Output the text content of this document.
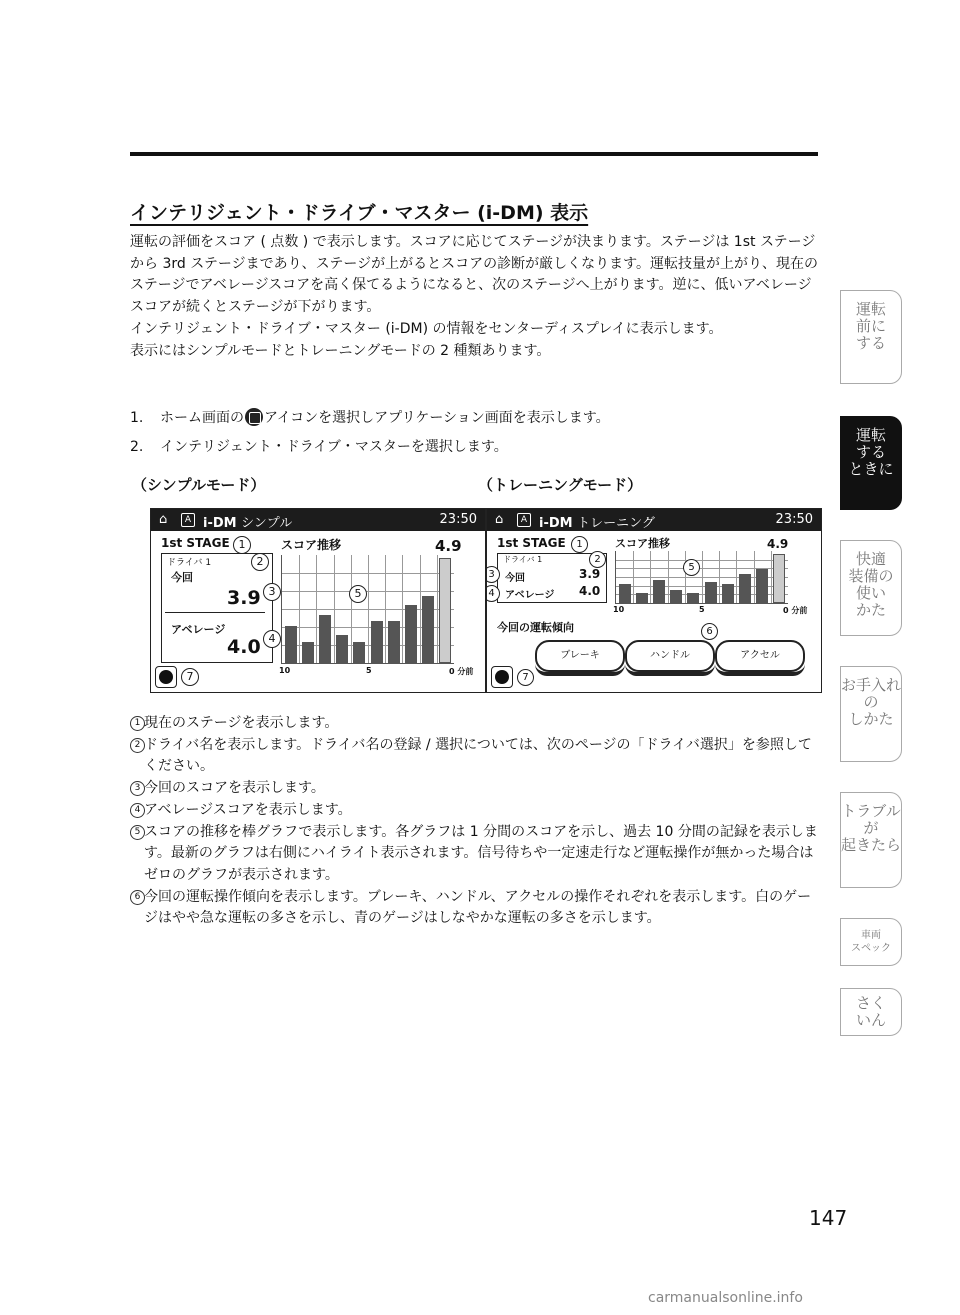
インテリジェント・ドライブ・マスター (i-DM) 表示

運転の評価をスコア ( 点数 ) で表示します。スコアに応じてステージが決まります。ステージは 1st ステージから 3rd ステージまであり、ステージが上がるとスコアの診断が厳しくなります。運転技量が上がり、現在のステージでアベレージスコアを高く保てるようになると、次のステージへ上がります。逆に、低いアベレージスコアが続くとステージが下がります。

インテリジェント・ドライブ・マスター (i-DM) の情報をセンターディスプレイに表示します。

表示にはシンプルモードとトレーニングモードの 2 種類あります。

1.	ホーム画面の アイコンを選択しアプリケーション画面を表示します。
2.	インテリジェント・ドライブ・マスターを選択します。
（シンプルモード）	（トレーニングモード）
⌂	A i-DM シンプル	23:50
1st STAGE 1
ドライバ 1	2
今回
3.9 3
アベレージ
4.0 4
スコア推移	4.9
5
10	5	0 分前
7
⌂	A i-DM トレーニング	23:50
1st STAGE	1
ドライバ 1	2
今回	3.9
3
アベレージ 4.0
4
スコア推移	4.9
5
10	5	0 分前
今回の運転傾向	6
ブレーキ	ハンドル	アクセル
7
1 現在のステージを表示します。

2 ドライバ名を表示します。ドライバ名の登録 / 選択については、次のページの「ドライバ選択」を参照してください。

3 今回のスコアを表示します。

4 アベレージスコアを表示します。

5 スコアの推移を棒グラフで表示します。各グラフは 1 分間のスコアを示し、過去 10 分間の記録を表示します。最新のグラフは右側にハイライト表示されます。信号待ちや一定速走行など運転操作が無かった場合はゼロのグラフが表示されます。

6 今回の運転操作傾向を表示します。ブレーキ、ハンドル、アクセルの操作それぞれを表示します。白のゲージはやや急な運転の多さを示し、青のゲージはしなやかな運転の多さを示します。

運転
前に
する
運転
する
ときに
快適
装備の
使い
かた
お手入れ
の
しかた
トラブル
が
起きたら
車両
スペック
さく
いん
147
carmanualsonline.info
